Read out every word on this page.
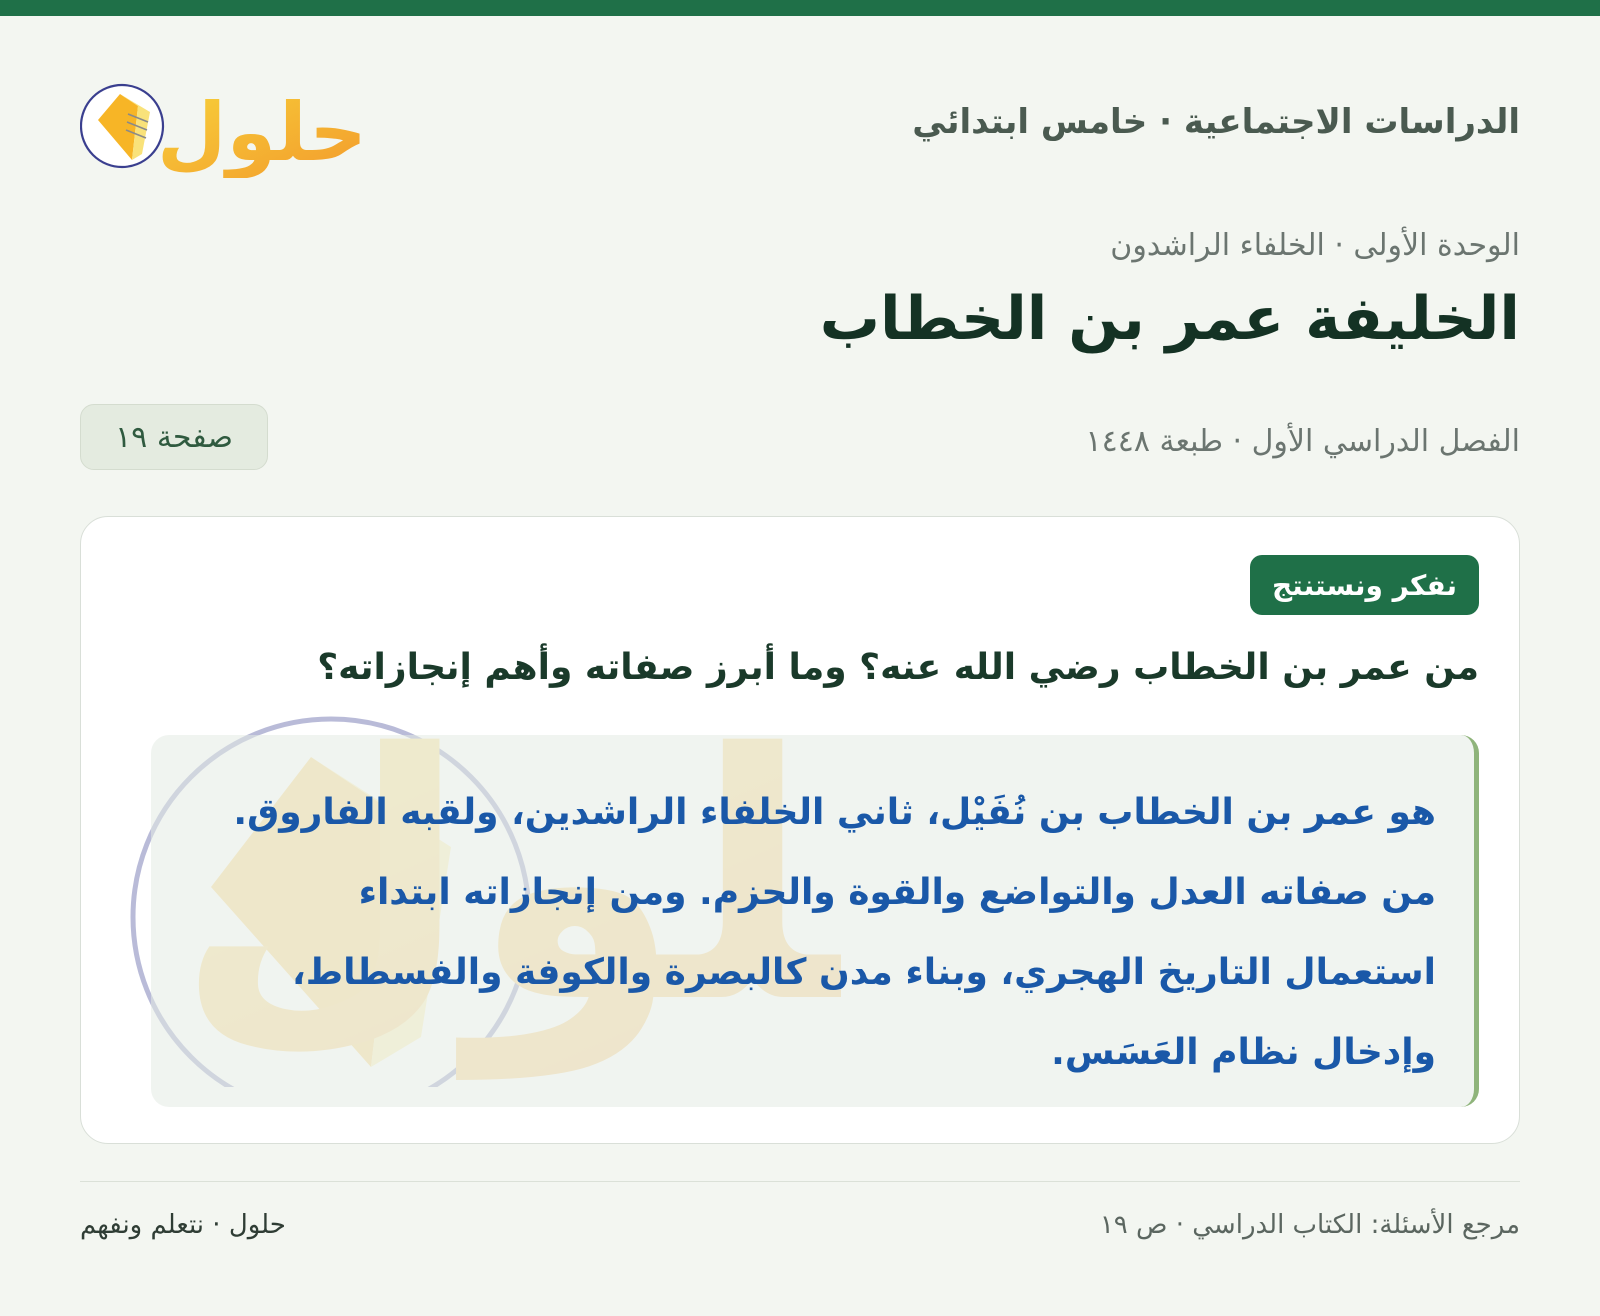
الدراسات الاجتماعية · خامس ابتدائي
حلول
الوحدة الأولى · الخلفاء الراشدون
الخليفة عمر بن الخطاب
الفصل الدراسي الأول · طبعة ١٤٤٨
صفحة ١٩
نفكر ونستنتج
من عمر بن الخطاب رضي الله عنه؟ وما أبرز صفاته وأهم إنجازاته؟

هو عمر بن الخطاب بن نُفَيْل، ثاني الخلفاء الراشدين، ولقبه الفاروق. من صفاته العدل والتواضع والقوة والحزم. ومن إنجازاته ابتداء استعمال التاريخ الهجري، وبناء مدن كالبصرة والكوفة والفسطاط، وإدخال نظام العَسَس.

مرجع الأسئلة: الكتاب الدراسي · ص ١٩
حلول · نتعلم ونفهم
